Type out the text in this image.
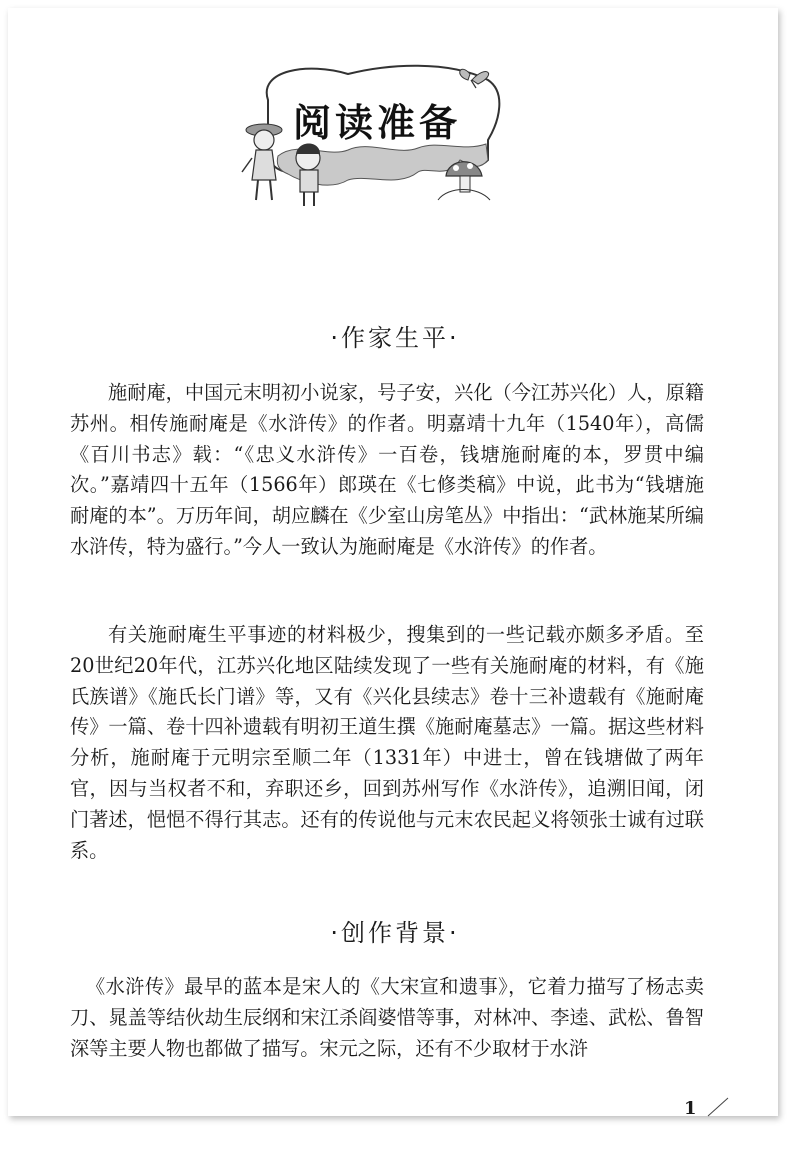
阅读准备
·作家生平·

施耐庵，中国元末明初小说家，号子安，兴化（今江苏兴化）人，原籍苏州。相传施耐庵是《水浒传》的作者。明嘉靖十九年（1540年），高儒《百川书志》载：“《忠义水浒传》一百卷，钱塘施耐庵的本，罗贯中编次。”嘉靖四十五年（1566年）郎瑛在《七修类稿》中说，此书为“钱塘施耐庵的本”。万历年间，胡应麟在《少室山房笔丛》中指出：“武林施某所编水浒传，特为盛行。”今人一致认为施耐庵是《水浒传》的作者。

有关施耐庵生平事迹的材料极少，搜集到的一些记载亦颇多矛盾。至20世纪20年代，江苏兴化地区陆续发现了一些有关施耐庵的材料，有《施氏族谱》《施氏长门谱》等，又有《兴化县续志》卷十三补遗载有《施耐庵传》一篇、卷十四补遗载有明初王道生撰《施耐庵墓志》一篇。据这些材料分析，施耐庵于元明宗至顺二年（1331年）中进士，曾在钱塘做了两年官，因与当权者不和，弃职还乡，回到苏州写作《水浒传》，追溯旧闻，闭门著述，悒悒不得行其志。还有的传说他与元末农民起义将领张士诚有过联系。

·创作背景·

《水浒传》最早的蓝本是宋人的《大宋宣和遗事》，它着力描写了杨志卖刀、晁盖等结伙劫生辰纲和宋江杀阎婆惜等事，对林冲、李逵、武松、鲁智深等主要人物也都做了描写。宋元之际，还有不少取材于水浒

1
